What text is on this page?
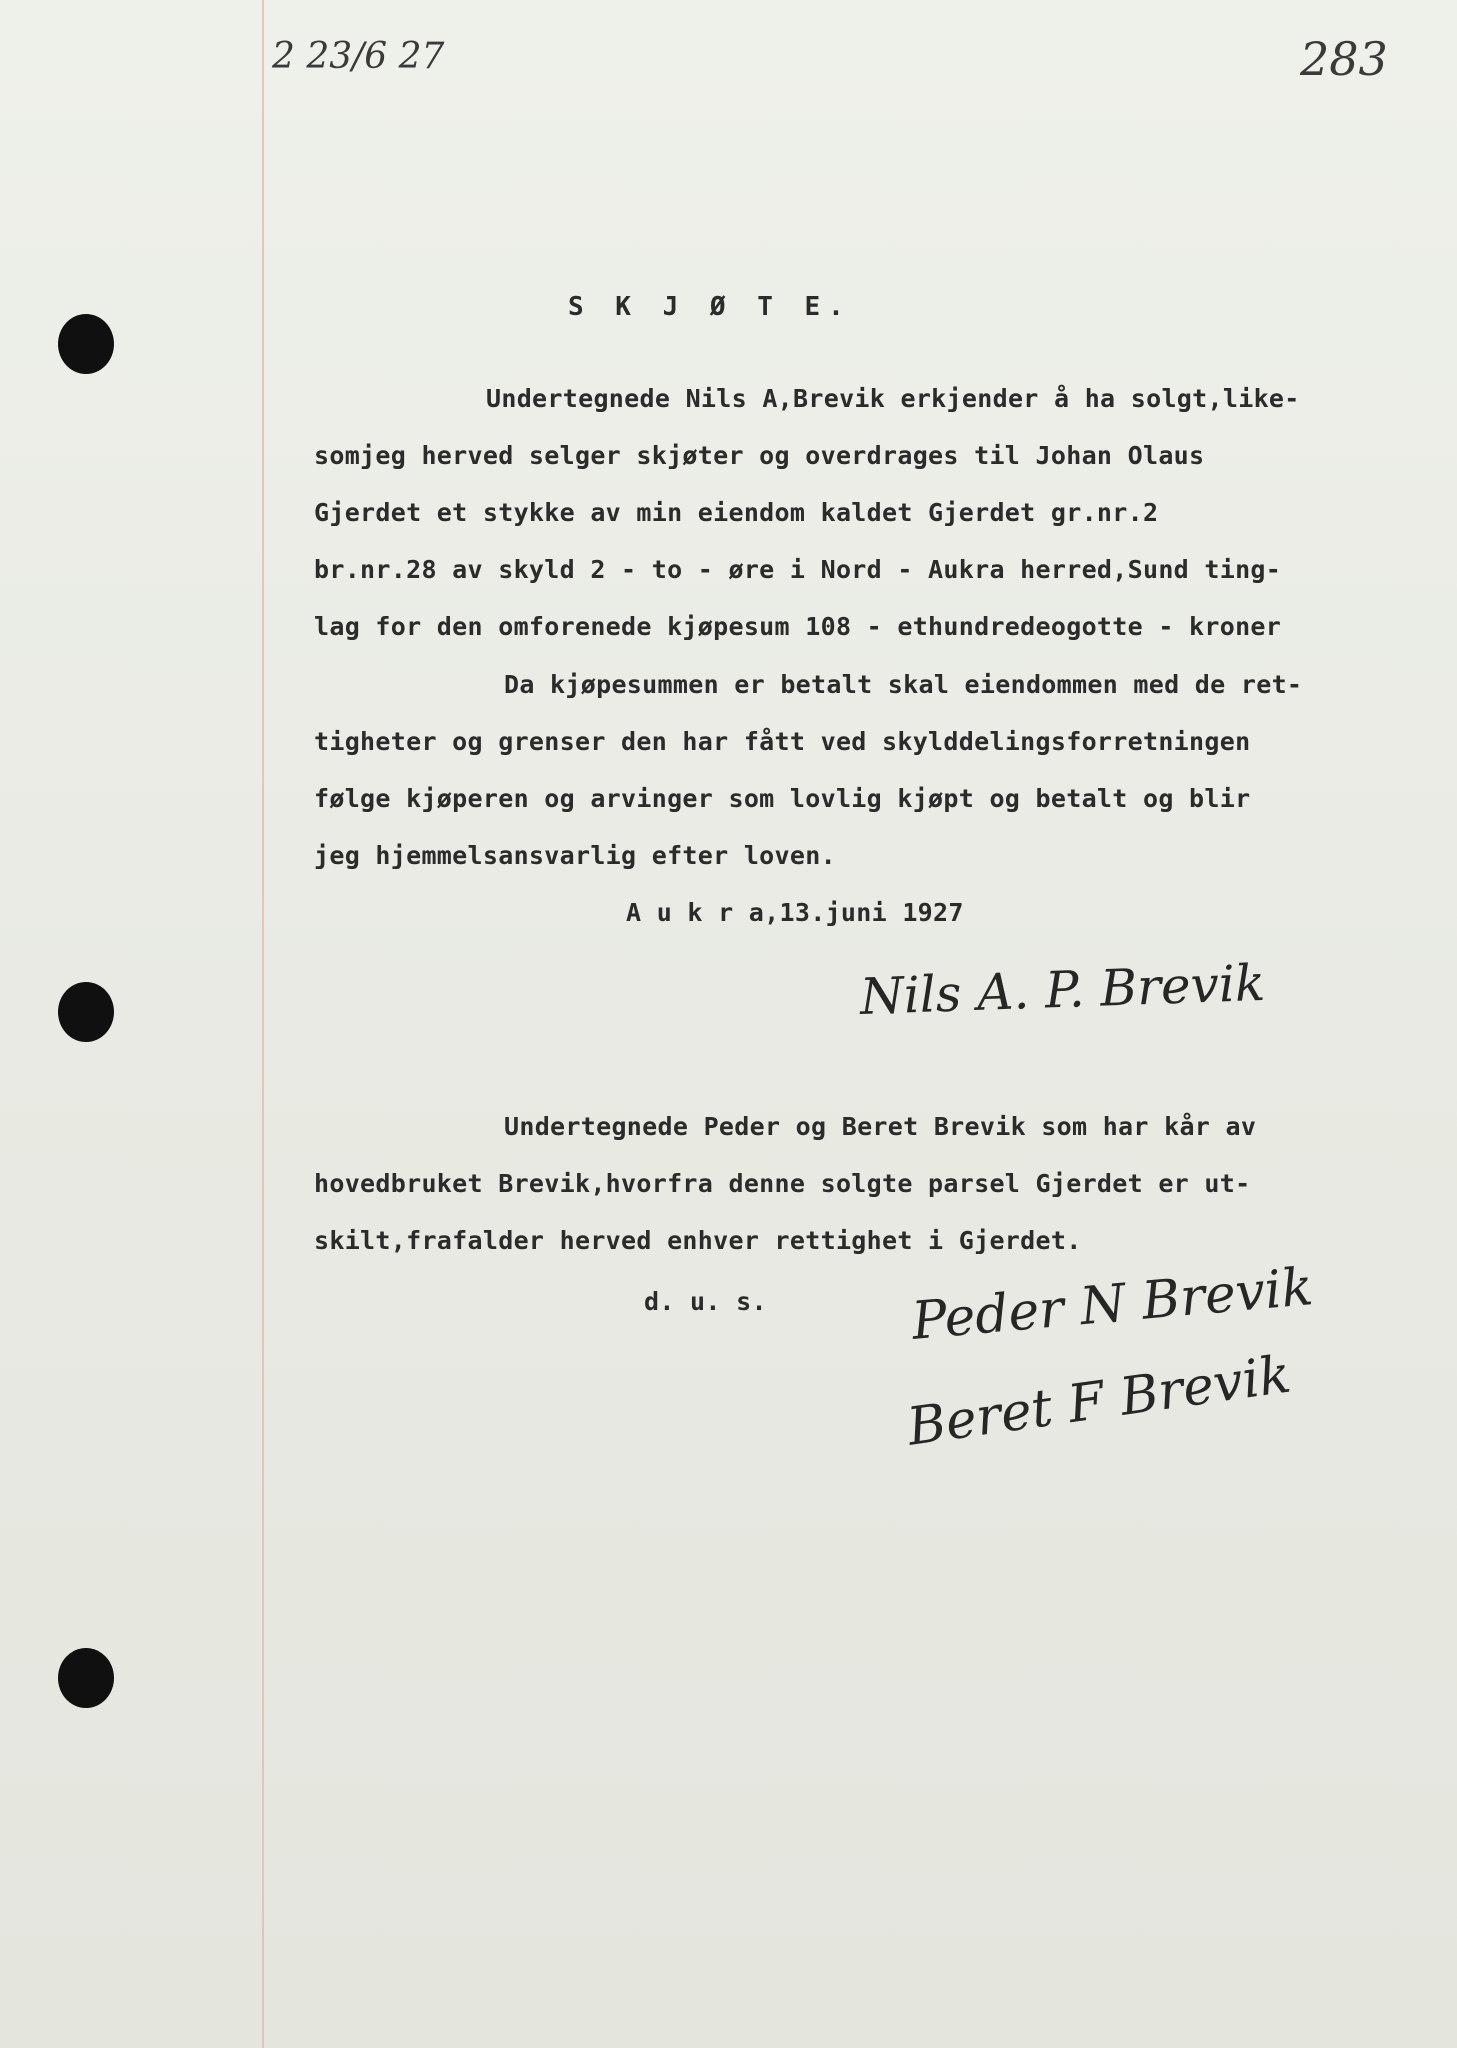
2 23/6 27	283
S K J Ø T E.
Undertegnede Nils A,Brevik erkjender å ha solgt,like-
somjeg herved selger skjøter og overdrages til Johan Olaus
Gjerdet et stykke av min eiendom kaldet Gjerdet gr.nr.2
br.nr.28 av skyld 2 - to - øre i Nord - Aukra herred,Sund ting-
lag for den omforenede kjøpesum 108 - ethundredeogotte - kroner
Da kjøpesummen er betalt skal eiendommen med de ret-
tigheter og grenser den har fått ved skylddelingsforretningen
følge kjøperen og arvinger som lovlig kjøpt og betalt og blir
jeg hjemmelsansvarlig efter loven.
A u k r a,13.juni 1927
Nils A. P. Brevik
Undertegnede Peder og Beret Brevik som har kår av
hovedbruket Brevik,hvorfra denne solgte parsel Gjerdet er ut-
skilt,frafalder herved enhver rettighet i Gjerdet.
d. u. s.	Peder N Brevik
Beret F Brevik
